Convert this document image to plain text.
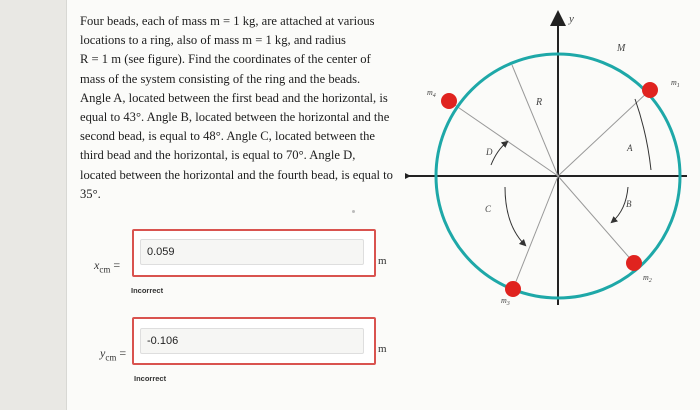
Four beads, each of mass m = 1 kg, are attached at various
locations to a ring, also of mass m = 1 kg, and radius
R = 1 m (see figure). Find the coordinates of the center of
mass of the system consisting of the ring and the beads.
Angle A, located between the first bead and the horizontal, is
equal to 43°. Angle B, located between the horizontal and the
second bead, is equal to 48°. Angle C, located between the
third bead and the horizontal, is equal to 70°. Angle D,
located between the horizontal and the fourth bead, is equal to
35°.
$x_{cm}$ =
0.059
m
Incorrect
$y_{cm}$ =
-0.106
m
Incorrect
y
M
R
A
B
C
D
$m_1$
$m_2$
$m_3$
$m_4$
